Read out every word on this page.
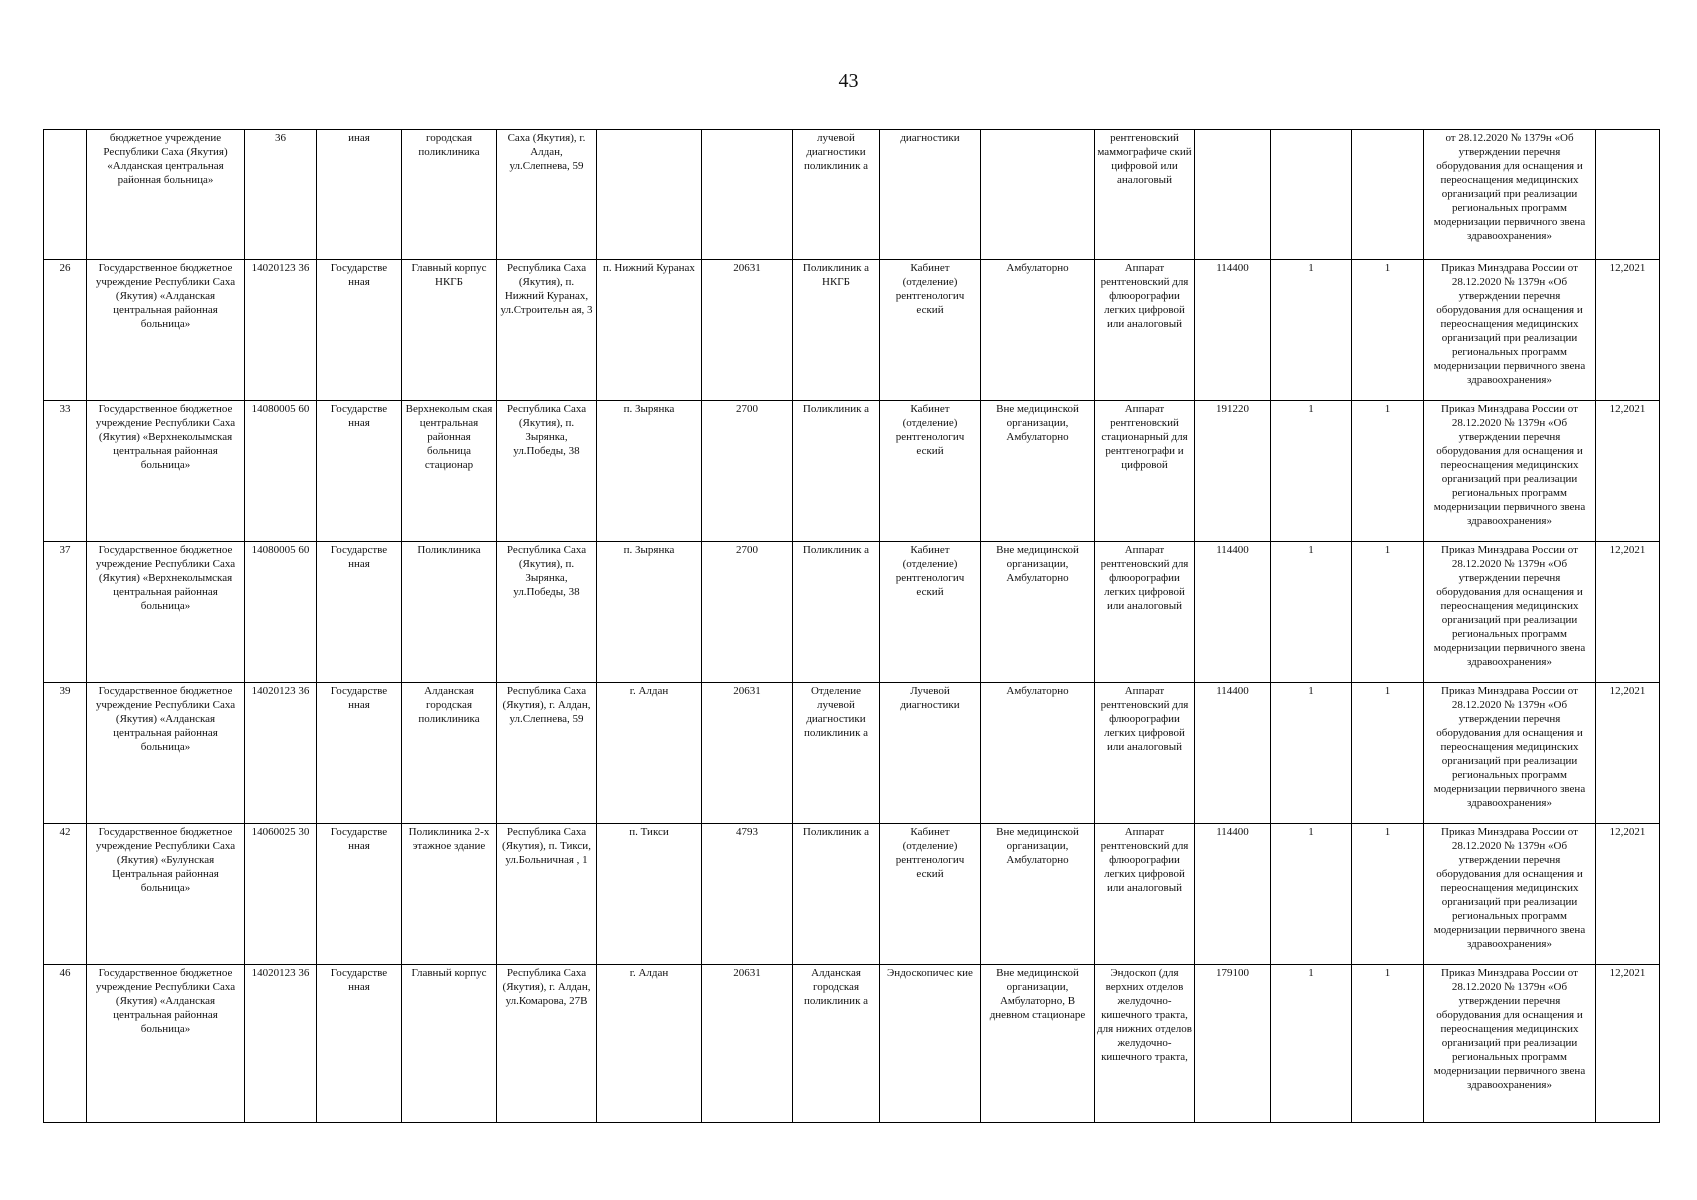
43
	бюджетное учреждение Республики Саха (Якутия) «Алданская центральная районная больница»	36	иная	городская поликлиника	Саха (Якутия), г. Алдан, ул.Слепнева, 59			лучевой диагностики поликлиник а	диагностики		рентгеновский маммографиче ский цифровой или аналоговый				от 28.12.2020 № 1379н «Об утверждении перечня оборудования для оснащения и переоснащения медицинских организаций при реализации региональных программ модернизации первичного звена здравоохранения»	
26	Государственное бюджетное учреждение Республики Саха (Якутия) «Алданская центральная районная больница»	14020123 36	Государстве нная	Главный корпус НКГБ	Республика Саха (Якутия), п. Нижний Куранах, ул.Строительн ая, 3	п. Нижний Куранах	20631	Поликлиник а НКГБ	Кабинет (отделение) рентгенологич еский	Амбулаторно	Аппарат рентгеновский для флюорографии легких цифровой или аналоговый	114400	1	1	Приказ Минздрава России от 28.12.2020 № 1379н «Об утверждении перечня оборудования для оснащения и переоснащения медицинских организаций при реализации региональных программ модернизации первичного звена здравоохранения»	12,2021
33	Государственное бюджетное учреждение Республики Саха (Якутия) «Верхнеколымская центральная районная больница»	14080005 60	Государстве нная	Верхнеколым ская центральная районная больница стационар	Республика Саха (Якутия), п. Зырянка, ул.Победы, 38	п. Зырянка	2700	Поликлиник а	Кабинет (отделение) рентгенологич еский	Вне медицинской организации, Амбулаторно	Аппарат рентгеновский стационарный для рентгенографи и цифровой	191220	1	1	Приказ Минздрава России от 28.12.2020 № 1379н «Об утверждении перечня оборудования для оснащения и переоснащения медицинских организаций при реализации региональных программ модернизации первичного звена здравоохранения»	12,2021
37	Государственное бюджетное учреждение Республики Саха (Якутия) «Верхнеколымская центральная районная больница»	14080005 60	Государстве нная	Поликлиника	Республика Саха (Якутия), п. Зырянка, ул.Победы, 38	п. Зырянка	2700	Поликлиник а	Кабинет (отделение) рентгенологич еский	Вне медицинской организации, Амбулаторно	Аппарат рентгеновский для флюорографии легких цифровой или аналоговый	114400	1	1	Приказ Минздрава России от 28.12.2020 № 1379н «Об утверждении перечня оборудования для оснащения и переоснащения медицинских организаций при реализации региональных программ модернизации первичного звена здравоохранения»	12,2021
39	Государственное бюджетное учреждение Республики Саха (Якутия) «Алданская центральная районная больница»	14020123 36	Государстве нная	Алданская городская поликлиника	Республика Саха (Якутия), г. Алдан, ул.Слепнева, 59	г. Алдан	20631	Отделение лучевой диагностики поликлиник а	Лучевой диагностики	Амбулаторно	Аппарат рентгеновский для флюорографии легких цифровой или аналоговый	114400	1	1	Приказ Минздрава России от 28.12.2020 № 1379н «Об утверждении перечня оборудования для оснащения и переоснащения медицинских организаций при реализации региональных программ модернизации первичного звена здравоохранения»	12,2021
42	Государственное бюджетное учреждение Республики Саха (Якутия) «Булунская Центральная районная больница»	14060025 30	Государстве нная	Поликлиника 2-х этажное здание	Республика Саха (Якутия), п. Тикси, ул.Больничная , 1	п. Тикси	4793	Поликлиник а	Кабинет (отделение) рентгенологич еский	Вне медицинской организации, Амбулаторно	Аппарат рентгеновский для флюорографии легких цифровой или аналоговый	114400	1	1	Приказ Минздрава России от 28.12.2020 № 1379н «Об утверждении перечня оборудования для оснащения и переоснащения медицинских организаций при реализации региональных программ модернизации первичного звена здравоохранения»	12,2021
46	Государственное бюджетное учреждение Республики Саха (Якутия) «Алданская центральная районная больница»	14020123 36	Государстве нная	Главный корпус	Республика Саха (Якутия), г. Алдан, ул.Комарова, 27В	г. Алдан	20631	Алданская городская поликлиник а	Эндоскопичес кие	Вне медицинской организации, Амбулаторно, В дневном стационаре	Эндоскоп (для верхних отделов желудочно-кишечного тракта, для нижних отделов желудочно-кишечного тракта,	179100	1	1	Приказ Минздрава России от 28.12.2020 № 1379н «Об утверждении перечня оборудования для оснащения и переоснащения медицинских организаций при реализации региональных программ модернизации первичного звена здравоохранения»	12,2021
